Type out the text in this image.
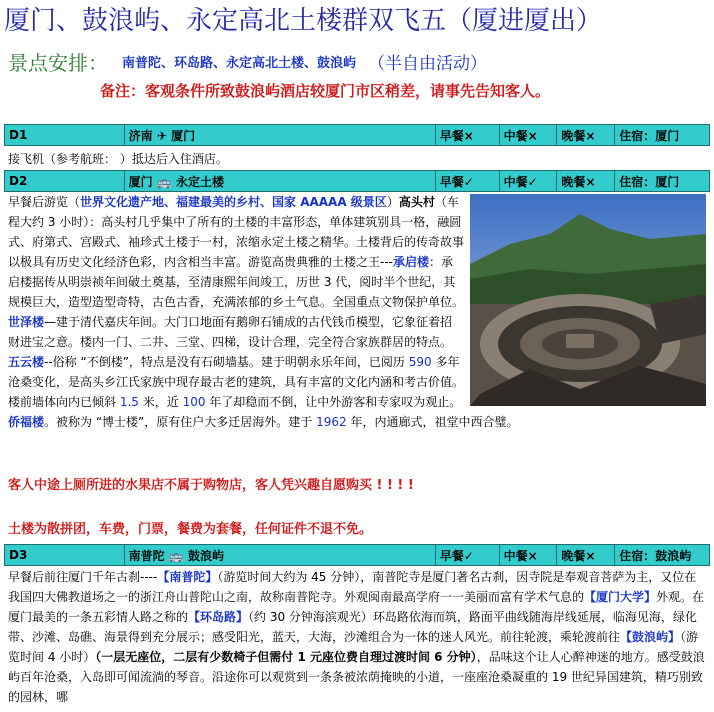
厦门、鼓浪屿、永定高北土楼群双飞五（厦进厦出）
景点安排： 南普陀、环岛路、永定高北土楼、鼓浪屿 （半自由活动）
备注：客观条件所致鼓浪屿酒店较厦门市区稍差，请事先告知客人。
D1	济南 ✈ 厦门	早餐×	中餐×	晚餐×	住宿：厦门
接飞机（参考航班： ）抵达后入住酒店。
D2	厦门 🚌 永定土楼	早餐✓	中餐✓	晚餐×	住宿：厦门
早餐后游览（世界文化遗产地、福建最美的乡村、国家 AAAAA 级景区）高头村（车程大约 3 小时）：高头村几乎集中了所有的土楼的丰富形态，单体建筑别具一格，融圆式、府第式、宫殿式、袖珍式土楼于一村，浓缩永定土楼之精华。土楼背后的传奇故事以极具有历史文化经济色彩，内含相当丰富。游览高贵典雅的土楼之王---承启楼：承启楼据传从明崇祯年间破土奠基，至清康熙年间竣工，历世 3 代，阅时半个世纪，其规模巨大，造型造型奇特，古色古香，充满浓郁的乡土气息。全国重点文物保护单位。世泽楼—建于清代嘉庆年间。大门口地面有鹅卵石铺成的古代钱币模型，它象征着招财进宝之意。楼内一门、二井、三堂、四梯，设计合理，完全符合家族群居的特点。五云楼--俗称 “不倒楼”，特点是没有石砌墙基。建于明朝永乐年间，已阅历 590 多年沧桑变化，是高头乡江氏家族中现存最古老的建筑，具有丰富的文化内涵和考古价值。楼前墙体向内已倾斜 1.5 米，近 100 年了却稳而不倒，让中外游客和专家叹为观止。侨福楼。被称为 “博士楼”，原有住户大多迁居海外。建于 1962 年，内通廊式，祖堂中西合璧。
客人中途上厕所进的水果店不属于购物店，客人凭兴趣自愿购买 ! ! ! !
土楼为散拼团，车费，门票，餐费为套餐，任何证件不退不免。
D3	南普陀 🚌 鼓浪屿	早餐✓	中餐×	晚餐×	住宿：鼓浪屿
早餐后前往厦门千年古刹----【南普陀】（游览时间大约为 45 分钟），南普陀寺是厦门著名古刹，因寺院是奉观音菩萨为主，又位在我国四大佛教道场之一的浙江舟山普陀山之南，故称南普陀寺。外观闽南最高学府一一美丽而富有学术气息的【厦门大学】外观。在厦门最美的一条五彩情人路之称的【环岛路】（约 30 分钟海滨观光）环岛路依海而筑，路面平曲线随海岸线延展，临海见海，绿化带、沙滩、岛礁、海景得到充分展示；感受阳光，蓝天，大海，沙滩组合为一体的迷人风光。前往轮渡，乘轮渡前往【鼓浪屿】（游览时间 4 小时）（一层无座位，二层有少数椅子但需付 1 元座位费自理过渡时间 6 分钟），品味这个让人心醉神迷的地方。感受鼓浪屿百年沧桑，入岛即可闻流淌的琴音。沿途你可以观赏到一条条被浓荫掩映的小道，一座座沧桑凝重的 19 世纪异国建筑，精巧别致的园林，哪
